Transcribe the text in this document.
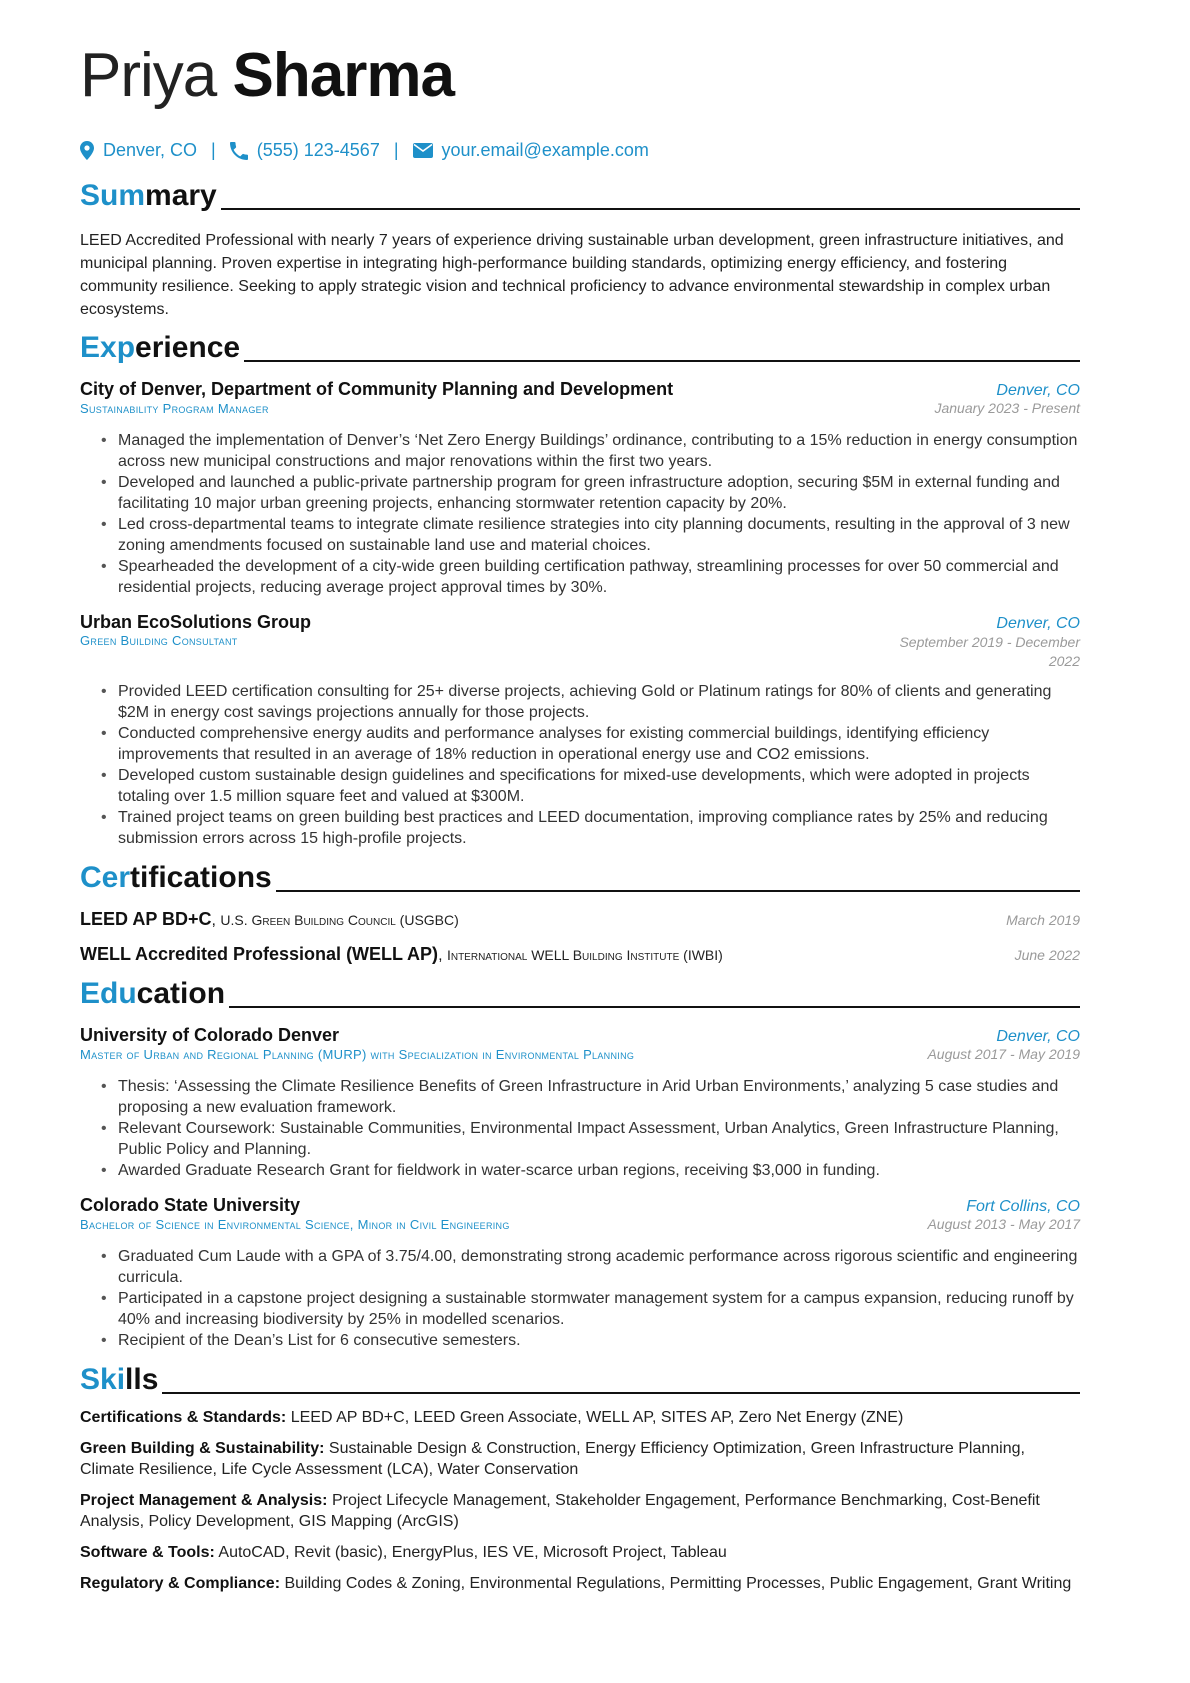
Priya Sharma
Denver, CO | (555) 123-4567 | your.email@example.com
Summary
LEED Accredited Professional with nearly 7 years of experience driving sustainable urban development, green infrastructure initiatives, and municipal planning. Proven expertise in integrating high-performance building standards, optimizing energy efficiency, and fostering community resilience. Seeking to apply strategic vision and technical proficiency to advance environmental stewardship in complex urban ecosystems.
Experience
City of Denver, Department of Community Planning and Development	Denver, CO
Sustainability Program Manager	January 2023 - Present
• Managed the implementation of Denver’s ‘Net Zero Energy Buildings’ ordinance, contributing to a 15% reduction in energy consumption across new municipal constructions and major renovations within the first two years.
• Developed and launched a public-private partnership program for green infrastructure adoption, securing $5M in external funding and facilitating 10 major urban greening projects, enhancing stormwater retention capacity by 20%.
• Led cross-departmental teams to integrate climate resilience strategies into city planning documents, resulting in the approval of 3 new zoning amendments focused on sustainable land use and material choices.
• Spearheaded the development of a city-wide green building certification pathway, streamlining processes for over 50 commercial and residential projects, reducing average project approval times by 30%.
Urban EcoSolutions Group	Denver, CO
Green Building Consultant	September 2019 - December 2022
• Provided LEED certification consulting for 25+ diverse projects, achieving Gold or Platinum ratings for 80% of clients and generating $2M in energy cost savings projections annually for those projects.
• Conducted comprehensive energy audits and performance analyses for existing commercial buildings, identifying efficiency improvements that resulted in an average of 18% reduction in operational energy use and CO2 emissions.
• Developed custom sustainable design guidelines and specifications for mixed-use developments, which were adopted in projects totaling over 1.5 million square feet and valued at $300M.
• Trained project teams on green building best practices and LEED documentation, improving compliance rates by 25% and reducing submission errors across 15 high-profile projects.
Certifications
LEED AP BD+C, U.S. Green Building Council (USGBC)	March 2019
WELL Accredited Professional (WELL AP), International WELL Building Institute (IWBI)	June 2022
Education
University of Colorado Denver	Denver, CO
Master of Urban and Regional Planning (MURP) with Specialization in Environmental Planning	August 2017 - May 2019
• Thesis: ‘Assessing the Climate Resilience Benefits of Green Infrastructure in Arid Urban Environments,’ analyzing 5 case studies and proposing a new evaluation framework.
• Relevant Coursework: Sustainable Communities, Environmental Impact Assessment, Urban Analytics, Green Infrastructure Planning, Public Policy and Planning.
• Awarded Graduate Research Grant for fieldwork in water-scarce urban regions, receiving $3,000 in funding.
Colorado State University	Fort Collins, CO
Bachelor of Science in Environmental Science, Minor in Civil Engineering	August 2013 - May 2017
• Graduated Cum Laude with a GPA of 3.75/4.00, demonstrating strong academic performance across rigorous scientific and engineering curricula.
• Participated in a capstone project designing a sustainable stormwater management system for a campus expansion, reducing runoff by 40% and increasing biodiversity by 25% in modelled scenarios.
• Recipient of the Dean’s List for 6 consecutive semesters.
Skills
Certifications & Standards: LEED AP BD+C, LEED Green Associate, WELL AP, SITES AP, Zero Net Energy (ZNE)
Green Building & Sustainability: Sustainable Design & Construction, Energy Efficiency Optimization, Green Infrastructure Planning, Climate Resilience, Life Cycle Assessment (LCA), Water Conservation
Project Management & Analysis: Project Lifecycle Management, Stakeholder Engagement, Performance Benchmarking, Cost-Benefit Analysis, Policy Development, GIS Mapping (ArcGIS)
Software & Tools: AutoCAD, Revit (basic), EnergyPlus, IES VE, Microsoft Project, Tableau
Regulatory & Compliance: Building Codes & Zoning, Environmental Regulations, Permitting Processes, Public Engagement, Grant Writing
